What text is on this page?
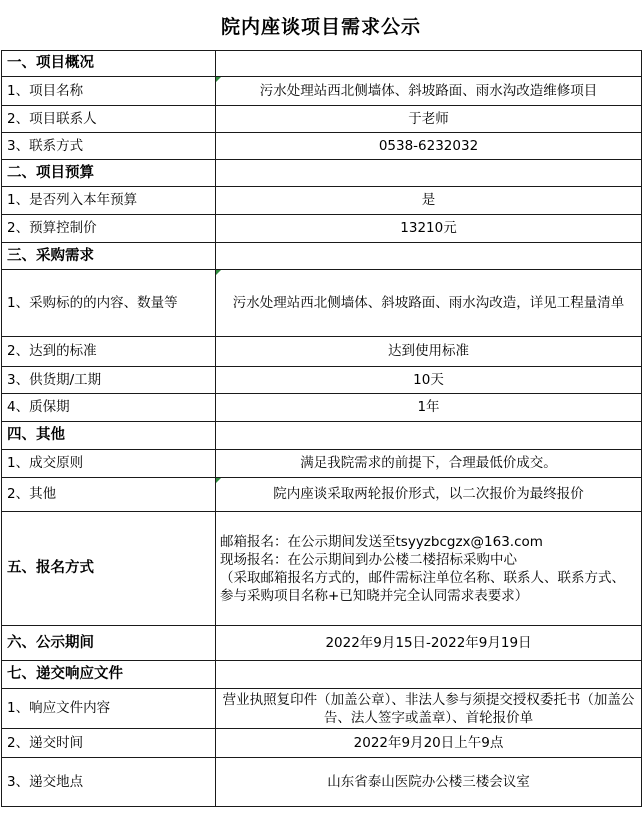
院内座谈项目需求公示
一、项目概况	
1、项目名称	污水处理站西北侧墙体、斜坡路面、雨水沟改造维修项目
2、项目联系人	于老师
3、联系方式	0538-6232032
二、项目预算	
1、是否列入本年预算	是
2、预算控制价	13210元
三、采购需求	
1、采购标的的内容、数量等	污水处理站西北侧墙体、斜坡路面、雨水沟改造，详见工程量清单
2、达到的标准	达到使用标准
3、供货期/工期	10天
4、质保期	1年
四、其他	
1、成交原则	满足我院需求的前提下，合理最低价成交。
2、其他	院内座谈采取两轮报价形式，以二次报价为最终报价
五、报名方式	邮箱报名：在公示期间发送至tsyyzbcgzx@163.com
现场报名：在公示期间到办公楼二楼招标采购中心
（采取邮箱报名方式的，邮件需标注单位名称、联系人、联系方式、参与采购项目名称+已知晓并完全认同需求表要求）

六、公示期间	2022年9月15日-2022年9月19日
七、递交响应文件	
1、响应文件内容	营业执照复印件（加盖公章）、非法人参与须提交授权委托书（加盖公告、法人签字或盖章）、首轮报价单
2、递交时间	2022年9月20日上午9点
3、递交地点	山东省泰山医院办公楼三楼会议室
